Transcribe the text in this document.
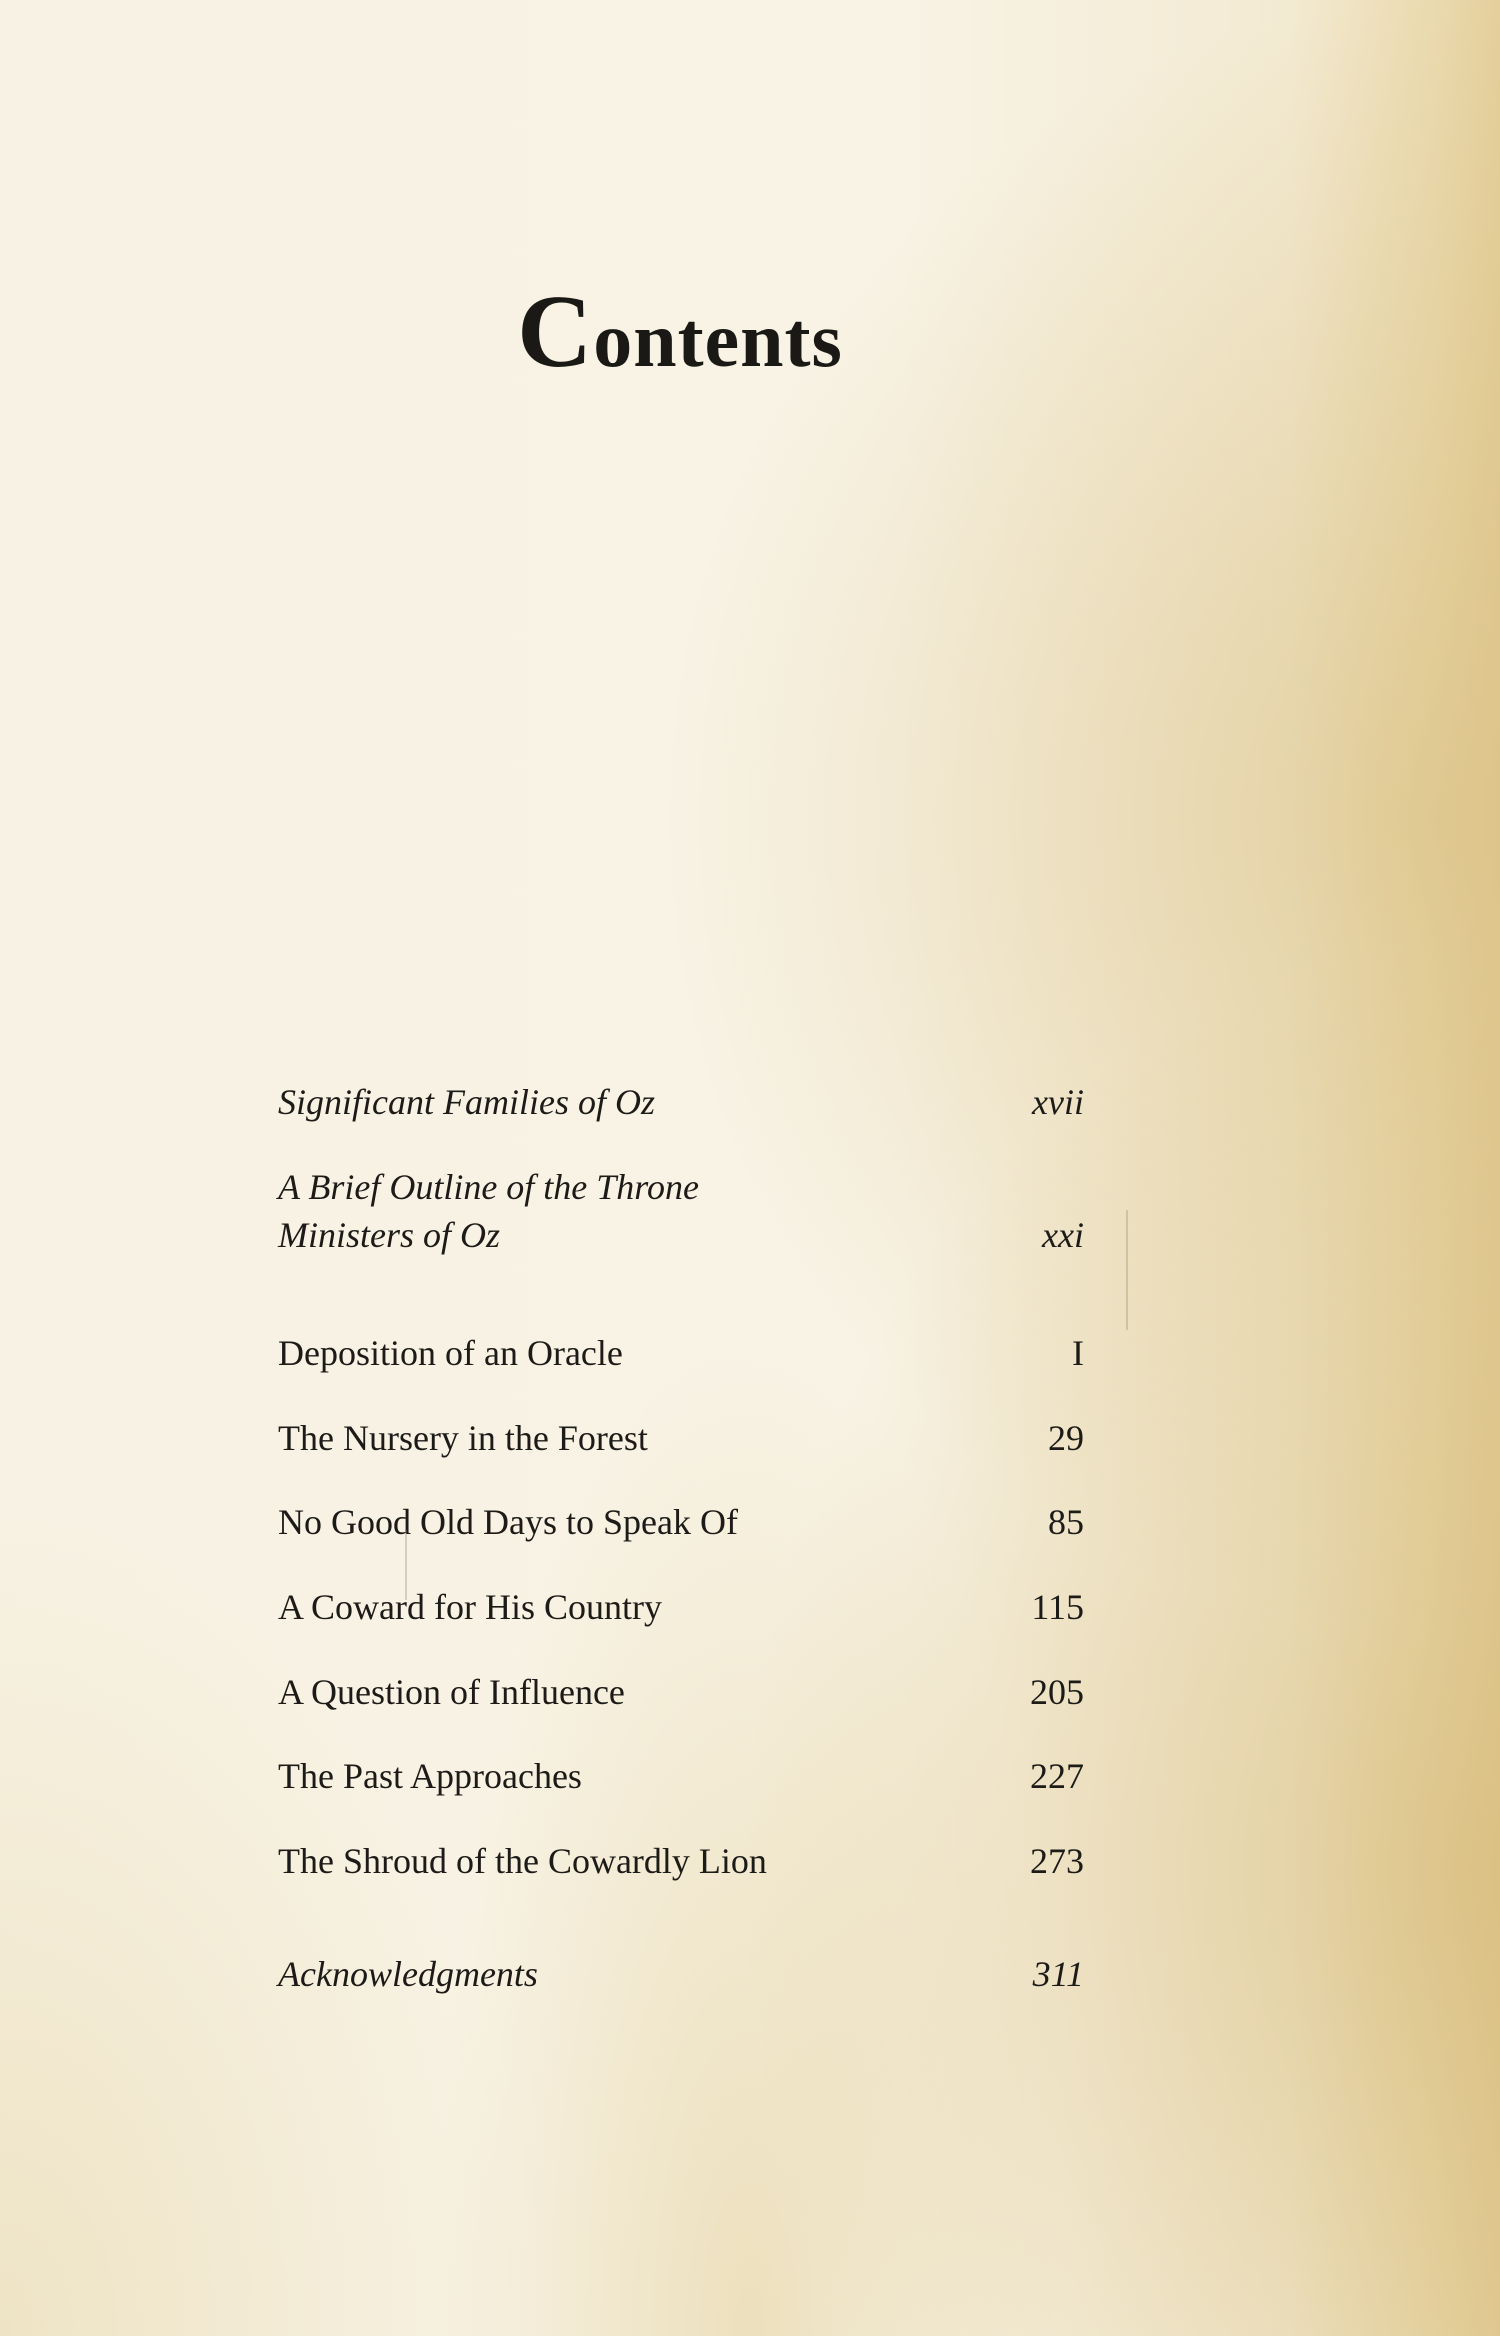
Contents
Significant Families of Oz	xvii
A Brief Outline of the Throne
Ministers of Oz	xxi
Deposition of an Oracle	I
The Nursery in the Forest	29
No Good Old Days to Speak Of	85
A Coward for His Country	115
A Question of Influence	205
The Past Approaches	227
The Shroud of the Cowardly Lion	273
Acknowledgments	311
